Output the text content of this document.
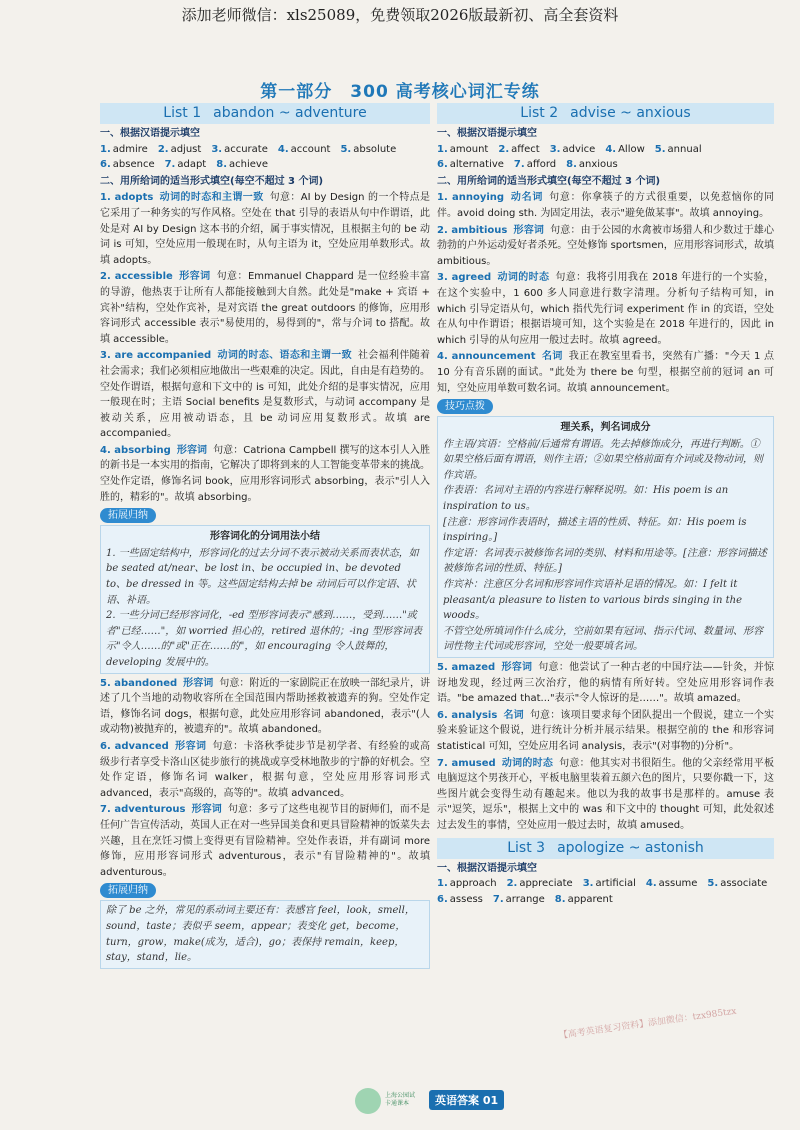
添加老师微信：xls25089，免费领取2026版最新初、高全套资料
第一部分　300 高考核心词汇专练
List 1 abandon ~ adventure
一、根据汉语提示填空
1. admire 2. adjust 3. accurate 4. account 5. absolute
6. absence 7. adapt 8. achieve
二、用所给词的适当形式填空(每空不超过 3 个词)
1. adopts 动词的时态和主谓一致 句意：AI by Design 的一个特点是它采用了一种务实的写作风格。空处在 that 引导的表语从句中作谓语，此处是对 AI by Design 这本书的介绍，属于事实情况，且根据主句的 be 动词 is 可知，空处应用一般现在时，从句主语为 it，空处应用单数形式。故填 adopts。
2. accessible 形容词 句意：Emmanuel Chappard 是一位经验丰富的导游，他热衷于让所有人都能接触到大自然。此处是"make + 宾语 + 宾补"结构，空处作宾补，是对宾语 the great outdoors 的修饰，应用形容词形式 accessible 表示"易使用的，易得到的"，常与介词 to 搭配。故填 accessible。
3. are accompanied 动词的时态、语态和主谓一致 社会福利伴随着社会需求；我们必须相应地做出一些艰难的决定。因此，自由是有趋势的。空处作谓语，根据句意和下文中的 is 可知，此处介绍的是事实情况，应用一般现在时；主语 Social benefits 是复数形式，与动词 accompany 是被动关系，应用被动语态，且 be 动词应用复数形式。故填 are accompanied。
4. absorbing 形容词 句意：Catriona Campbell 撰写的这本引人入胜的新书是一本实用的指南，它解决了即将到来的人工智能变革带来的挑战。空处作定语，修饰名词 book，应用形容词形式 absorbing，表示"引人入胜的，精彩的"。故填 absorbing。
拓展归纳
形容词化的分词用法小结
1. 一些固定结构中，形容词化的过去分词不表示被动关系而表状态，如 be seated at/near、be lost in、be occupied in、be devoted to、be dressed in 等。这些固定结构去掉 be 动词后可以作定语、状语、补语。
2. 一些分词已经形容词化，-ed 型形容词表示"感到……，受到……"或者"已经……"，如 worried 担心的，retired 退休的；-ing 型形容词表示"令人……的"或"正在……的"，如 encouraging 令人鼓舞的，developing 发展中的。
5. abandoned 形容词 句意：附近的一家剧院正在放映一部纪录片，讲述了几个当地的动物收容所在全国范围内帮助拯救被遗弃的狗。空处作定语，修饰名词 dogs，根据句意，此处应用形容词 abandoned，表示"(人或动物)被抛弃的，被遗弃的"。故填 abandoned。
6. advanced 形容词 句意：卡洛秋季徒步节是初学者、有经验的或高级步行者享受卡洛山区徒步旅行的挑战或享受林地散步的宁静的好机会。空处作定语，修饰名词 walker，根据句意，空处应用形容词形式 advanced，表示"高级的，高等的"。故填 advanced。
7. adventurous 形容词 句意：多亏了这些电视节目的厨师们，而不是任何广告宣传活动，英国人正在对一些异国美食和更具冒险精神的饭菜失去兴趣，且在烹饪习惯上变得更有冒险精神。空处作表语，并有副词 more 修饰，应用形容词形式 adventurous，表示"有冒险精神的"。故填 adventurous。
拓展归纳
除了 be 之外，常见的系动词主要还有：表感官 feel，look，smell，sound，taste；表似乎 seem，appear；表变化 get，become，turn，grow，make(成为，适合)，go；表保持 remain，keep，stay，stand，lie。
List 2 advise ~ anxious
一、根据汉语提示填空
1. amount 2. affect 3. advice 4. Allow 5. annual
6. alternative 7. afford 8. anxious
二、用所给词的适当形式填空(每空不超过 3 个词)
1. annoying 动名词 句意：你拿筷子的方式很重要，以免惹恼你的同伴。avoid doing sth. 为固定用法，表示"避免做某事"。故填 annoying。
2. ambitious 形容词 句意：由于公园的水禽被市场猎人和少数过于雄心勃勃的户外运动爱好者杀死。空处修饰 sportsmen，应用形容词形式，故填 ambitious。
3. agreed 动词的时态 句意：我将引用我在 2018 年进行的一个实验，在这个实验中，1 600 多人同意进行数字清理。分析句子结构可知，in which 引导定语从句，which 指代先行词 experiment 作 in 的宾语，空处在从句中作谓语；根据语境可知，这个实验是在 2018 年进行的，因此 in which 引导的从句应用一般过去时。故填 agreed。
4. announcement 名词 我正在教室里看书，突然有广播："今天 1 点 10 分有音乐剧的面试。"此处为 there be 句型，根据空前的冠词 an 可知，空处应用单数可数名词。故填 announcement。
技巧点拨
理关系，判名词成分
作主语/宾语：空格前/后通常有谓语。先去掉修饰成分，再进行判断。①如果空格后面有谓语，则作主语；②如果空格前面有介词或及物动词，则作宾语。
作表语：名词对主语的内容进行解释说明。如：His poem is an inspiration to us。
[注意：形容词作表语时，描述主语的性质、特征。如：His poem is inspiring。]
作定语：名词表示被修饰名词的类别、材料和用途等。[注意：形容词描述被修饰名词的性质、特征。]
作宾补：注意区分名词和形容词作宾语补足语的情况。如：I felt it pleasant/a pleasure to listen to various birds singing in the woods。
不管空处所填词作什么成分，空前如果有冠词、指示代词、数量词、形容词性物主代词或形容词，空处一般要填名词。
5. amazed 形容词 句意：他尝试了一种古老的中国疗法——针灸，并惊讶地发现，经过两三次治疗，他的病情有所好转。空处应用形容词作表语。"be amazed that..."表示"令人惊讶的是……"。故填 amazed。
6. analysis 名词 句意：该项目要求每个团队提出一个假说，建立一个实验来验证这个假说，进行统计分析并展示结果。根据空前的 the 和形容词 statistical 可知，空处应用名词 analysis，表示"(对事物的)分析"。
7. amused 动词的时态 句意：他其实对书很陌生。他的父亲经常用平板电脑逗这个男孩开心，平板电脑里装着五颜六色的图片，只要你戳一下，这些图片就会变得生动有趣起来。他以为我的故事书是那样的。amuse 表示"逗笑，逗乐"，根据上文中的 was 和下文中的 thought 可知，此处叙述过去发生的事情，空处应用一般过去时，故填 amused。
List 3 apologize ~ astonish
一、根据汉语提示填空
1. approach 2. appreciate 3. artificial 4. assume 5. associate
6. assess 7. arrange 8. apparent
【高考英语复习资料】添加微信：tzx985tzx
上海公园试
卡通课本	英语答案 01
